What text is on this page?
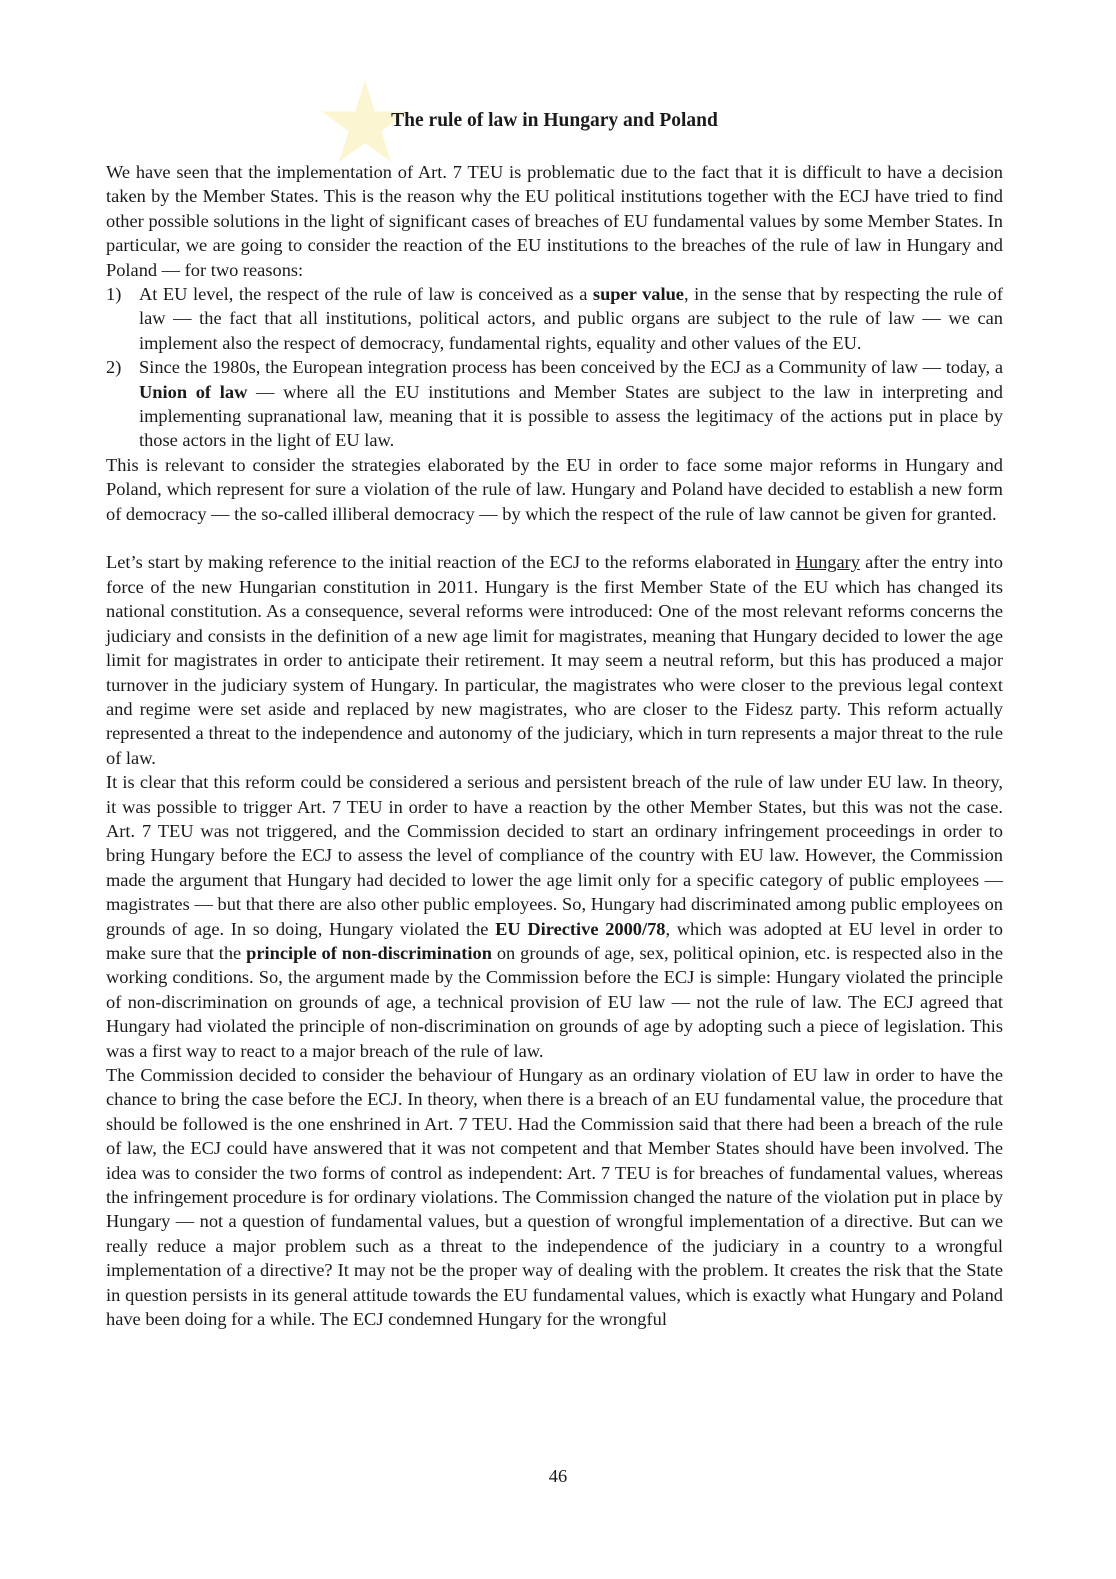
The rule of law in Hungary and Poland

We have seen that the implementation of Art. 7 TEU is problematic due to the fact that it is difficult to have a decision taken by the Member States. This is the reason why the EU political institutions together with the ECJ have tried to find other possible solutions in the light of significant cases of breaches of EU fundamental values by some Member States. In particular, we are going to consider the reaction of the EU institutions to the breaches of the rule of law in Hungary and Poland — for two reasons:

1) At EU level, the respect of the rule of law is conceived as a super value, in the sense that by respecting the rule of law — the fact that all institutions, political actors, and public organs are subject to the rule of law — we can implement also the respect of democracy, fundamental rights, equality and other values of the EU.
2) Since the 1980s, the European integration process has been conceived by the ECJ as a Community of law — today, a Union of law — where all the EU institutions and Member States are subject to the law in interpreting and implementing supranational law, meaning that it is possible to assess the legitimacy of the actions put in place by those actors in the light of EU law.

This is relevant to consider the strategies elaborated by the EU in order to face some major reforms in Hungary and Poland, which represent for sure a violation of the rule of law. Hungary and Poland have decided to establish a new form of democracy — the so-called illiberal democracy — by which the respect of the rule of law cannot be given for granted.

Let’s start by making reference to the initial reaction of the ECJ to the reforms elaborated in Hungary after the entry into force of the new Hungarian constitution in 2011. Hungary is the first Member State of the EU which has changed its national constitution. As a consequence, several reforms were introduced: One of the most relevant reforms concerns the judiciary and consists in the definition of a new age limit for magistrates, meaning that Hungary decided to lower the age limit for magistrates in order to anticipate their retirement. It may seem a neutral reform, but this has produced a major turnover in the judiciary system of Hungary. In particular, the magistrates who were closer to the previous legal context and regime were set aside and replaced by new magistrates, who are closer to the Fidesz party. This reform actually represented a threat to the independence and autonomy of the judiciary, which in turn represents a major threat to the rule of law.

It is clear that this reform could be considered a serious and persistent breach of the rule of law under EU law. In theory, it was possible to trigger Art. 7 TEU in order to have a reaction by the other Member States, but this was not the case. Art. 7 TEU was not triggered, and the Commission decided to start an ordinary infringement proceedings in order to bring Hungary before the ECJ to assess the level of compliance of the country with EU law. However, the Commission made the argument that Hungary had decided to lower the age limit only for a specific category of public employees — magistrates — but that there are also other public employees. So, Hungary had discriminated among public employees on grounds of age. In so doing, Hungary violated the EU Directive 2000/78, which was adopted at EU level in order to make sure that the principle of non-discrimination on grounds of age, sex, political opinion, etc. is respected also in the working conditions. So, the argument made by the Commission before the ECJ is simple: Hungary violated the principle of non-discrimination on grounds of age, a technical provision of EU law — not the rule of law. The ECJ agreed that Hungary had violated the principle of non-discrimination on grounds of age by adopting such a piece of legislation. This was a first way to react to a major breach of the rule of law.

The Commission decided to consider the behaviour of Hungary as an ordinary violation of EU law in order to have the chance to bring the case before the ECJ. In theory, when there is a breach of an EU fundamental value, the procedure that should be followed is the one enshrined in Art. 7 TEU. Had the Commission said that there had been a breach of the rule of law, the ECJ could have answered that it was not competent and that Member States should have been involved. The idea was to consider the two forms of control as independent: Art. 7 TEU is for breaches of fundamental values, whereas the infringement procedure is for ordinary violations. The Commission changed the nature of the violation put in place by Hungary — not a question of fundamental values, but a question of wrongful implementation of a directive. But can we really reduce a major problem such as a threat to the independence of the judiciary in a country to a wrongful implementation of a directive? It may not be the proper way of dealing with the problem. It creates the risk that the State in question persists in its general attitude towards the EU fundamental values, which is exactly what Hungary and Poland have been doing for a while. The ECJ condemned Hungary for the wrongful

46
